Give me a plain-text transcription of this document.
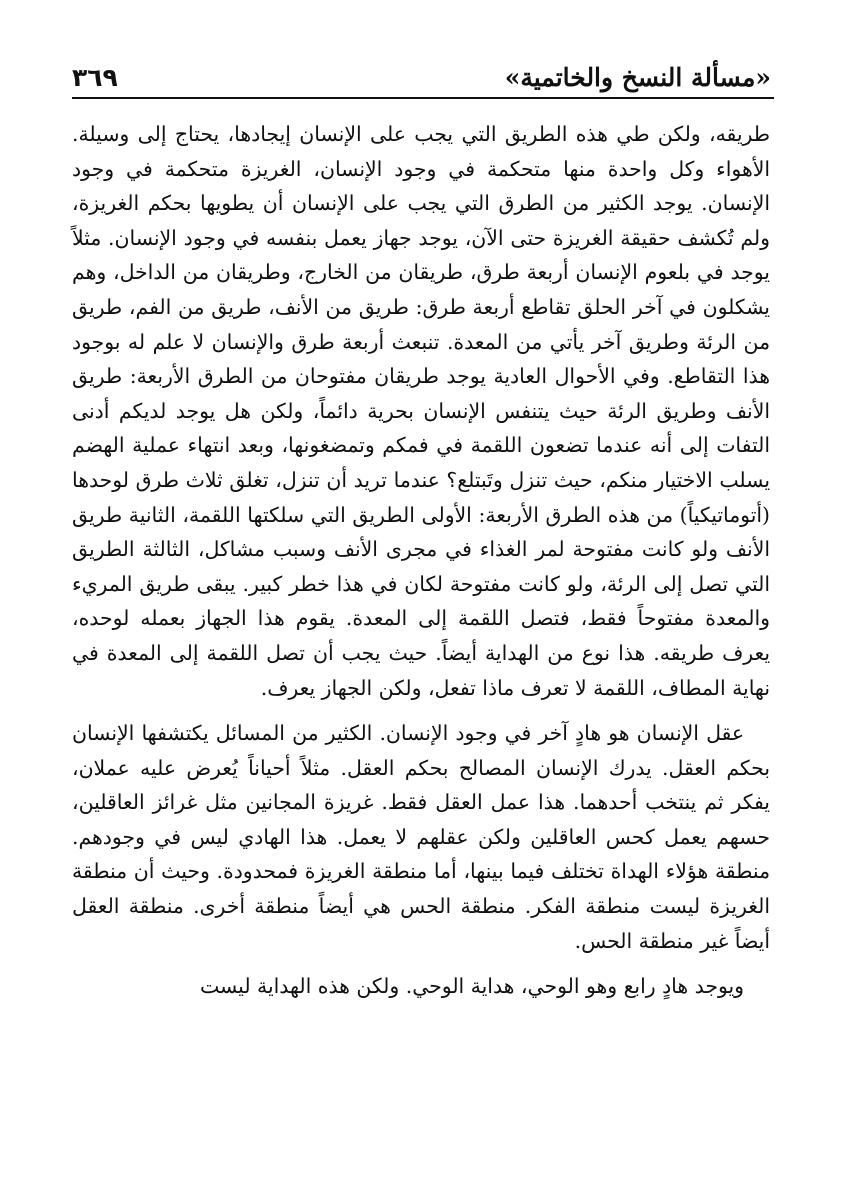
«مسألة النسخ والخاتمية»
٣٦٩

طريقه، ولكن طي هذه الطريق التي يجب على الإنسان إيجادها، يحتاج إلى وسيلة. الأهواء وكل واحدة منها متحكمة في وجود الإنسان، الغريزة متحكمة في وجود الإنسان. يوجد الكثير من الطرق التي يجب على الإنسان أن يطويها بحكم الغريزة، ولم تُكشف حقيقة الغريزة حتى الآن، يوجد جهاز يعمل بنفسه في وجود الإنسان. مثلاً يوجد في بلعوم الإنسان أربعة طرق، طريقان من الخارج، وطريقان من الداخل، وهم يشكلون في آخر الحلق تقاطع أربعة طرق: طريق من الأنف، طريق من الفم، طريق من الرئة وطريق آخر يأتي من المعدة. تنبعث أربعة طرق والإنسان لا علم له بوجود هذا التقاطع. وفي الأحوال العادية يوجد طريقان مفتوحان من الطرق الأربعة: طريق الأنف وطريق الرئة حيث يتنفس الإنسان بحرية دائماً، ولكن هل يوجد لديكم أدنى التفات إلى أنه عندما تضعون اللقمة في فمكم وتمضغونها، وبعد انتهاء عملية الهضم يسلب الاختيار منكم، حيث تنزل وتَبتلع؟ عندما تريد أن تنزل، تغلق ثلاث طرق لوحدها (أتوماتيكياً) من هذه الطرق الأربعة: الأولى الطريق التي سلكتها اللقمة، الثانية طريق الأنف ولو كانت مفتوحة لمر الغذاء في مجرى الأنف وسبب مشاكل، الثالثة الطريق التي تصل إلى الرئة، ولو كانت مفتوحة لكان في هذا خطر كبير. يبقى طريق المريء والمعدة مفتوحاً فقط، فتصل اللقمة إلى المعدة. يقوم هذا الجهاز بعمله لوحده، يعرف طريقه. هذا نوع من الهداية أيضاً. حيث يجب أن تصل اللقمة إلى المعدة في نهاية المطاف، اللقمة لا تعرف ماذا تفعل، ولكن الجهاز يعرف.

عقل الإنسان هو هادٍ آخر في وجود الإنسان. الكثير من المسائل يكتشفها الإنسان بحكم العقل. يدرك الإنسان المصالح بحكم العقل. مثلاً أحياناً يُعرض عليه عملان، يفكر ثم ينتخب أحدهما. هذا عمل العقل فقط. غريزة المجانين مثل غرائز العاقلين، حسهم يعمل كحس العاقلين ولكن عقلهم لا يعمل. هذا الهادي ليس في وجودهم. منطقة هؤلاء الهداة تختلف فيما بينها، أما منطقة الغريزة فمحدودة. وحيث أن منطقة الغريزة ليست منطقة الفكر. منطقة الحس هي أيضاً منطقة أخرى. منطقة العقل أيضاً غير منطقة الحس.

ويوجد هادٍ رابع وهو الوحي، هداية الوحي. ولكن هذه الهداية ليست
